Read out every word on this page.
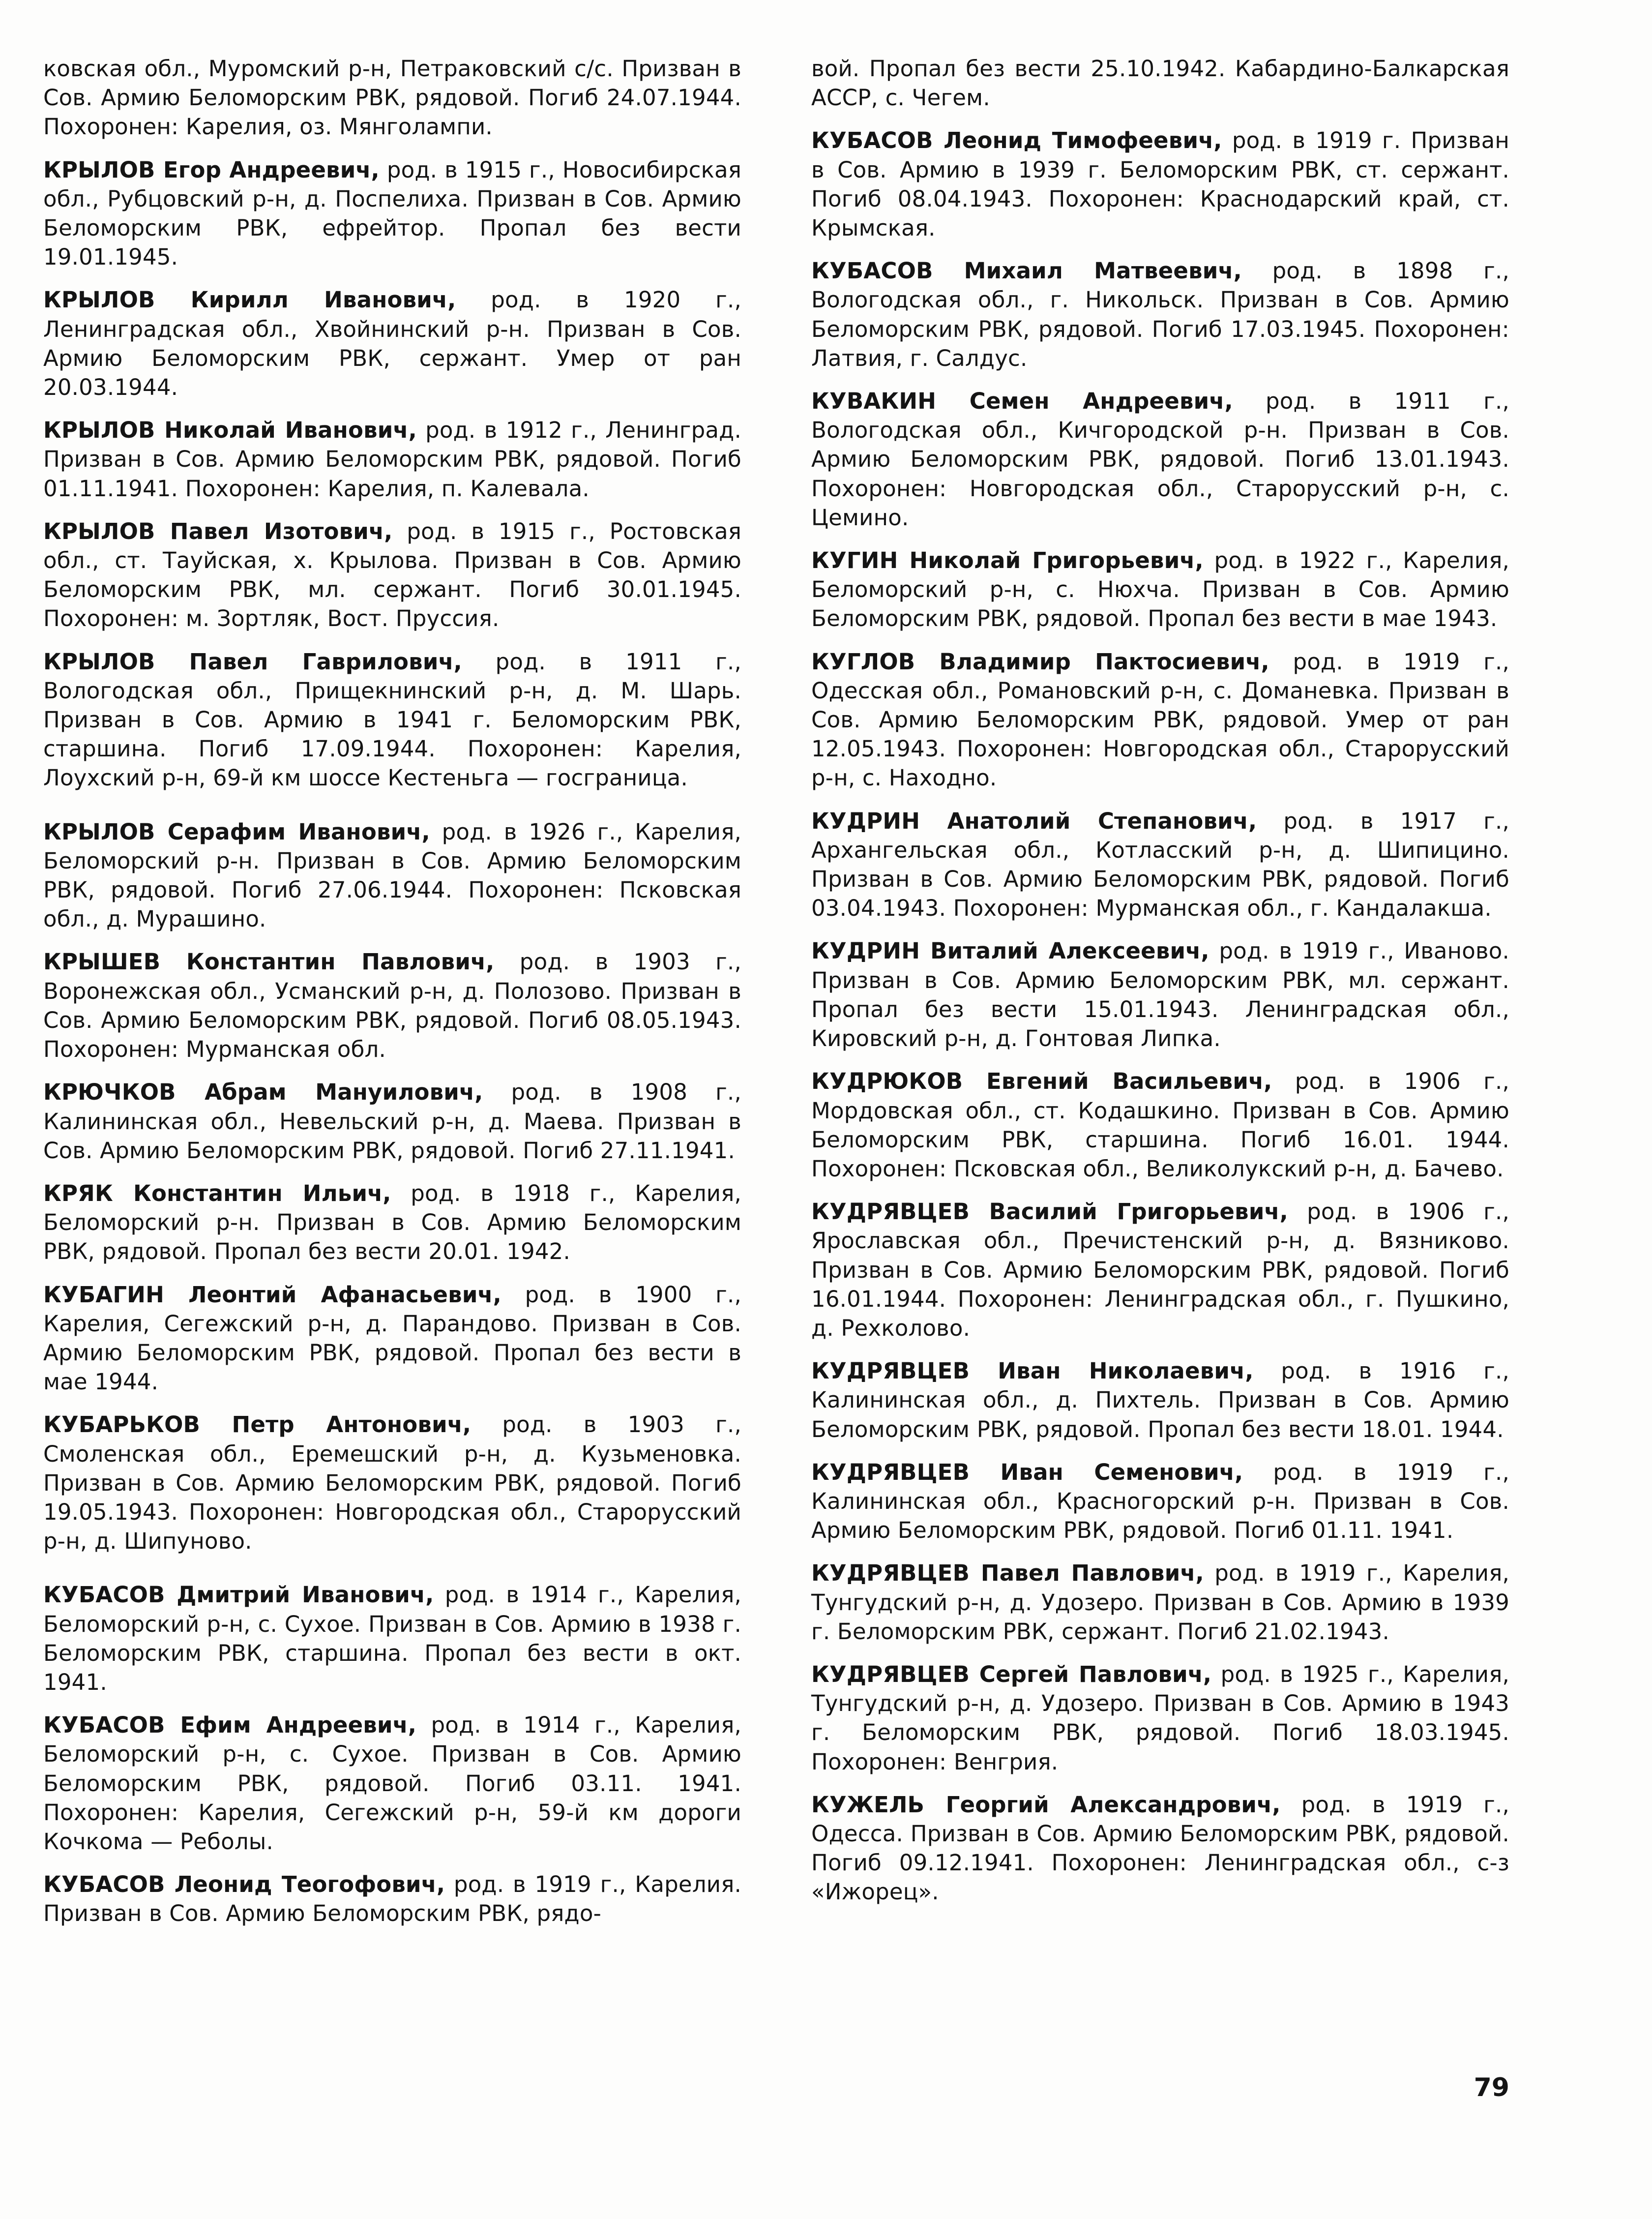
ковская обл., Муромский р-н, Петраковский с/с. Призван в Сов. Армию Беломорским РВК, рядовой. Погиб 24.07.1944. Похоронен: Карелия, оз. Мянголампи.

КРЫЛОВ Егор Андреевич, род. в 1915 г., Новосибирская обл., Рубцовский р-н, д. Поспелиха. Призван в Сов. Армию Беломорским РВК, ефрейтор. Пропал без вести 19.01.1945.

КРЫЛОВ Кирилл Иванович, род. в 1920 г., Ленинградская обл., Хвойнинский р-н. Призван в Сов. Армию Беломорским РВК, сержант. Умер от ран 20.03.1944.

КРЫЛОВ Николай Иванович, род. в 1912 г., Ленинград. Призван в Сов. Армию Беломорским РВК, рядовой. Погиб 01.11.1941. Похоронен: Карелия, п. Калевала.

КРЫЛОВ Павел Изотович, род. в 1915 г., Ростовская обл., ст. Тауйская, х. Крылова. Призван в Сов. Армию Беломорским РВК, мл. сержант. Погиб 30.01.1945. Похоронен: м. Зортляк, Вост. Пруссия.

КРЫЛОВ Павел Гаврилович, род. в 1911 г., Вологодская обл., Прищекнинский р-н, д. М. Шарь. Призван в Сов. Армию в 1941 г. Беломорским РВК, старшина. Погиб 17.09.1944. Похоронен: Карелия, Лоухский р-н, 69-й км шоссе Кестеньга — госграница.

КРЫЛОВ Серафим Иванович, род. в 1926 г., Карелия, Беломорский р-н. Призван в Сов. Армию Беломорским РВК, рядовой. Погиб 27.06.1944. Похоронен: Псковская обл., д. Мурашино.

КРЫШЕВ Константин Павлович, род. в 1903 г., Воронежская обл., Усманский р-н, д. Полозово. Призван в Сов. Армию Беломорским РВК, рядовой. Погиб 08.05.1943. Похоронен: Мурманская обл.

КРЮЧКОВ Абрам Мануилович, род. в 1908 г., Калининская обл., Невельский р-н, д. Маева. Призван в Сов. Армию Беломорским РВК, рядовой. Погиб 27.11.1941.

КРЯК Константин Ильич, род. в 1918 г., Карелия, Беломорский р-н. Призван в Сов. Армию Беломорским РВК, рядовой. Пропал без вести 20.01. 1942.

КУБАГИН Леонтий Афанасьевич, род. в 1900 г., Карелия, Сегежский р-н, д. Парандово. Призван в Сов. Армию Беломорским РВК, рядовой. Пропал без вести в мае 1944.

КУБАРЬКОВ Петр Антонович, род. в 1903 г., Смоленская обл., Еремешский р-н, д. Кузьменовка. Призван в Сов. Армию Беломорским РВК, рядовой. Погиб 19.05.1943. Похоронен: Новгородская обл., Старорусский р-н, д. Шипуново.

КУБАСОВ Дмитрий Иванович, род. в 1914 г., Карелия, Беломорский р-н, с. Сухое. Призван в Сов. Армию в 1938 г. Беломорским РВК, старшина. Пропал без вести в окт. 1941.

КУБАСОВ Ефим Андреевич, род. в 1914 г., Карелия, Беломорский р-н, с. Сухое. Призван в Сов. Армию Беломорским РВК, рядовой. Погиб 03.11. 1941. Похоронен: Карелия, Сегежский р-н, 59-й км дороги Кочкома — Реболы.

КУБАСОВ Леонид Теогофович, род. в 1919 г., Карелия. Призван в Сов. Армию Беломорским РВК, рядо-

вой. Пропал без вести 25.10.1942. Кабардино-Балкарская АССР, с. Чегем.

КУБАСОВ Леонид Тимофеевич, род. в 1919 г. Призван в Сов. Армию в 1939 г. Беломорским РВК, ст. сержант. Погиб 08.04.1943. Похоронен: Краснодарский край, ст. Крымская.

КУБАСОВ Михаил Матвеевич, род. в 1898 г., Вологодская обл., г. Никольск. Призван в Сов. Армию Беломорским РВК, рядовой. Погиб 17.03.1945. Похоронен: Латвия, г. Салдус.

КУВАКИН Семен Андреевич, род. в 1911 г., Вологодская обл., Кичгородской р-н. Призван в Сов. Армию Беломорским РВК, рядовой. Погиб 13.01.1943. Похоронен: Новгородская обл., Старорусский р-н, с. Цемино.

КУГИН Николай Григорьевич, род. в 1922 г., Карелия, Беломорский р-н, с. Нюхча. Призван в Сов. Армию Беломорским РВК, рядовой. Пропал без вести в мае 1943.

КУГЛОВ Владимир Пактосиевич, род. в 1919 г., Одесская обл., Романовский р-н, с. Доманевка. Призван в Сов. Армию Беломорским РВК, рядовой. Умер от ран 12.05.1943. Похоронен: Новгородская обл., Старорусский р-н, с. Находно.

КУДРИН Анатолий Степанович, род. в 1917 г., Архангельская обл., Котласский р-н, д. Шипицино. Призван в Сов. Армию Беломорским РВК, рядовой. Погиб 03.04.1943. Похоронен: Мурманская обл., г. Кандалакша.

КУДРИН Виталий Алексеевич, род. в 1919 г., Иваново. Призван в Сов. Армию Беломорским РВК, мл. сержант. Пропал без вести 15.01.1943. Ленинградская обл., Кировский р-н, д. Гонтовая Липка.

КУДРЮКОВ Евгений Васильевич, род. в 1906 г., Мордовская обл., ст. Кодашкино. Призван в Сов. Армию Беломорским РВК, старшина. Погиб 16.01. 1944. Похоронен: Псковская обл., Великолукский р-н, д. Бачево.

КУДРЯВЦЕВ Василий Григорьевич, род. в 1906 г., Ярославская обл., Пречистенский р-н, д. Вязниково. Призван в Сов. Армию Беломорским РВК, рядовой. Погиб 16.01.1944. Похоронен: Ленинградская обл., г. Пушкино, д. Рехколово.

КУДРЯВЦЕВ Иван Николаевич, род. в 1916 г., Калининская обл., д. Пихтель. Призван в Сов. Армию Беломорским РВК, рядовой. Пропал без вести 18.01. 1944.

КУДРЯВЦЕВ Иван Семенович, род. в 1919 г., Калининская обл., Красногорский р-н. Призван в Сов. Армию Беломорским РВК, рядовой. Погиб 01.11. 1941.

КУДРЯВЦЕВ Павел Павлович, род. в 1919 г., Карелия, Тунгудский р-н, д. Удозеро. Призван в Сов. Армию в 1939 г. Беломорским РВК, сержант. Погиб 21.02.1943.

КУДРЯВЦЕВ Сергей Павлович, род. в 1925 г., Карелия, Тунгудский р-н, д. Удозеро. Призван в Сов. Армию в 1943 г. Беломорским РВК, рядовой. Погиб 18.03.1945. Похоронен: Венгрия.

КУЖЕЛЬ Георгий Александрович, род. в 1919 г., Одесса. Призван в Сов. Армию Беломорским РВК, рядовой. Погиб 09.12.1941. Похоронен: Ленинградская обл., с-з «Ижорец».

79
